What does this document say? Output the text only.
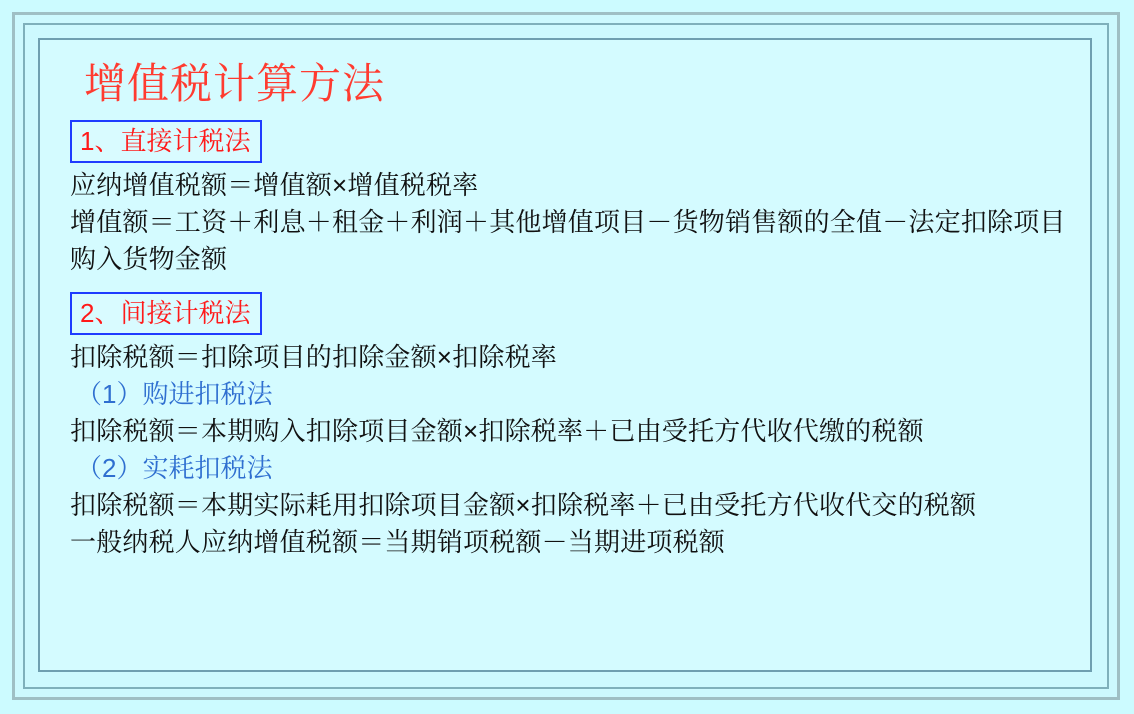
增值税计算方法
1、直接计税法
应纳增值税额＝增值额×增值税税率
增值额＝工资＋利息＋租金＋利润＋其他增值项目－货物销售额的全值－法定扣除项目购入货物金额
2、间接计税法
扣除税额＝扣除项目的扣除金额×扣除税率
（1）购进扣税法
扣除税额＝本期购入扣除项目金额×扣除税率＋已由受托方代收代缴的税额
（2）实耗扣税法
扣除税额＝本期实际耗用扣除项目金额×扣除税率＋已由受托方代收代交的税额
一般纳税人应纳增值税额＝当期销项税额－当期进项税额
